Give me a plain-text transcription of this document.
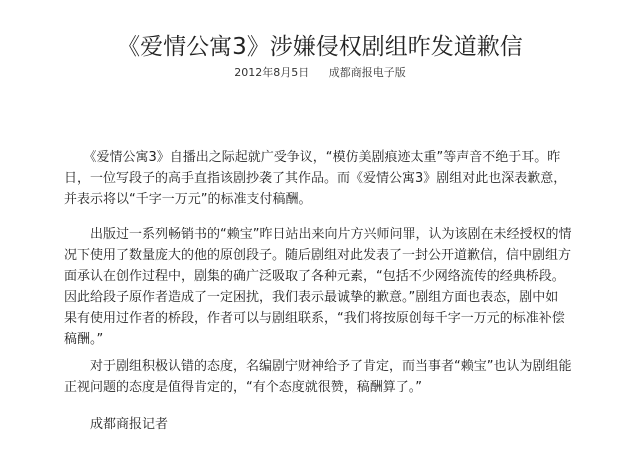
《爱情公寓3》涉嫌侵权剧组昨发道歉信
2012年8月5日 成都商报电子版
　　《爱情公寓3》自播出之际起就广受争议，“模仿美剧痕迹太重”等声音不绝于耳。昨
日，一位写段子的高手直指该剧抄袭了其作品。而《爱情公寓3》剧组对此也深表歉意，
并表示将以“千字一万元”的标准支付稿酬。
　　出版过一系列畅销书的“赖宝”昨日站出来向片方兴师问罪，认为该剧在未经授权的情
况下使用了数量庞大的他的原创段子。随后剧组对此发表了一封公开道歉信，信中剧组方
面承认在创作过程中，剧集的确广泛吸取了各种元素，“包括不少网络流传的经典桥段。
因此给段子原作者造成了一定困扰，我们表示最诚挚的歉意。”剧组方面也表态，剧中如
果有使用过作者的桥段，作者可以与剧组联系，“我们将按原创每千字一万元的标准补偿
稿酬。”
　　对于剧组积极认错的态度，名编剧宁财神给予了肯定，而当事者“赖宝”也认为剧组能
正视问题的态度是值得肯定的，“有个态度就很赞，稿酬算了。”
　　成都商报记者
